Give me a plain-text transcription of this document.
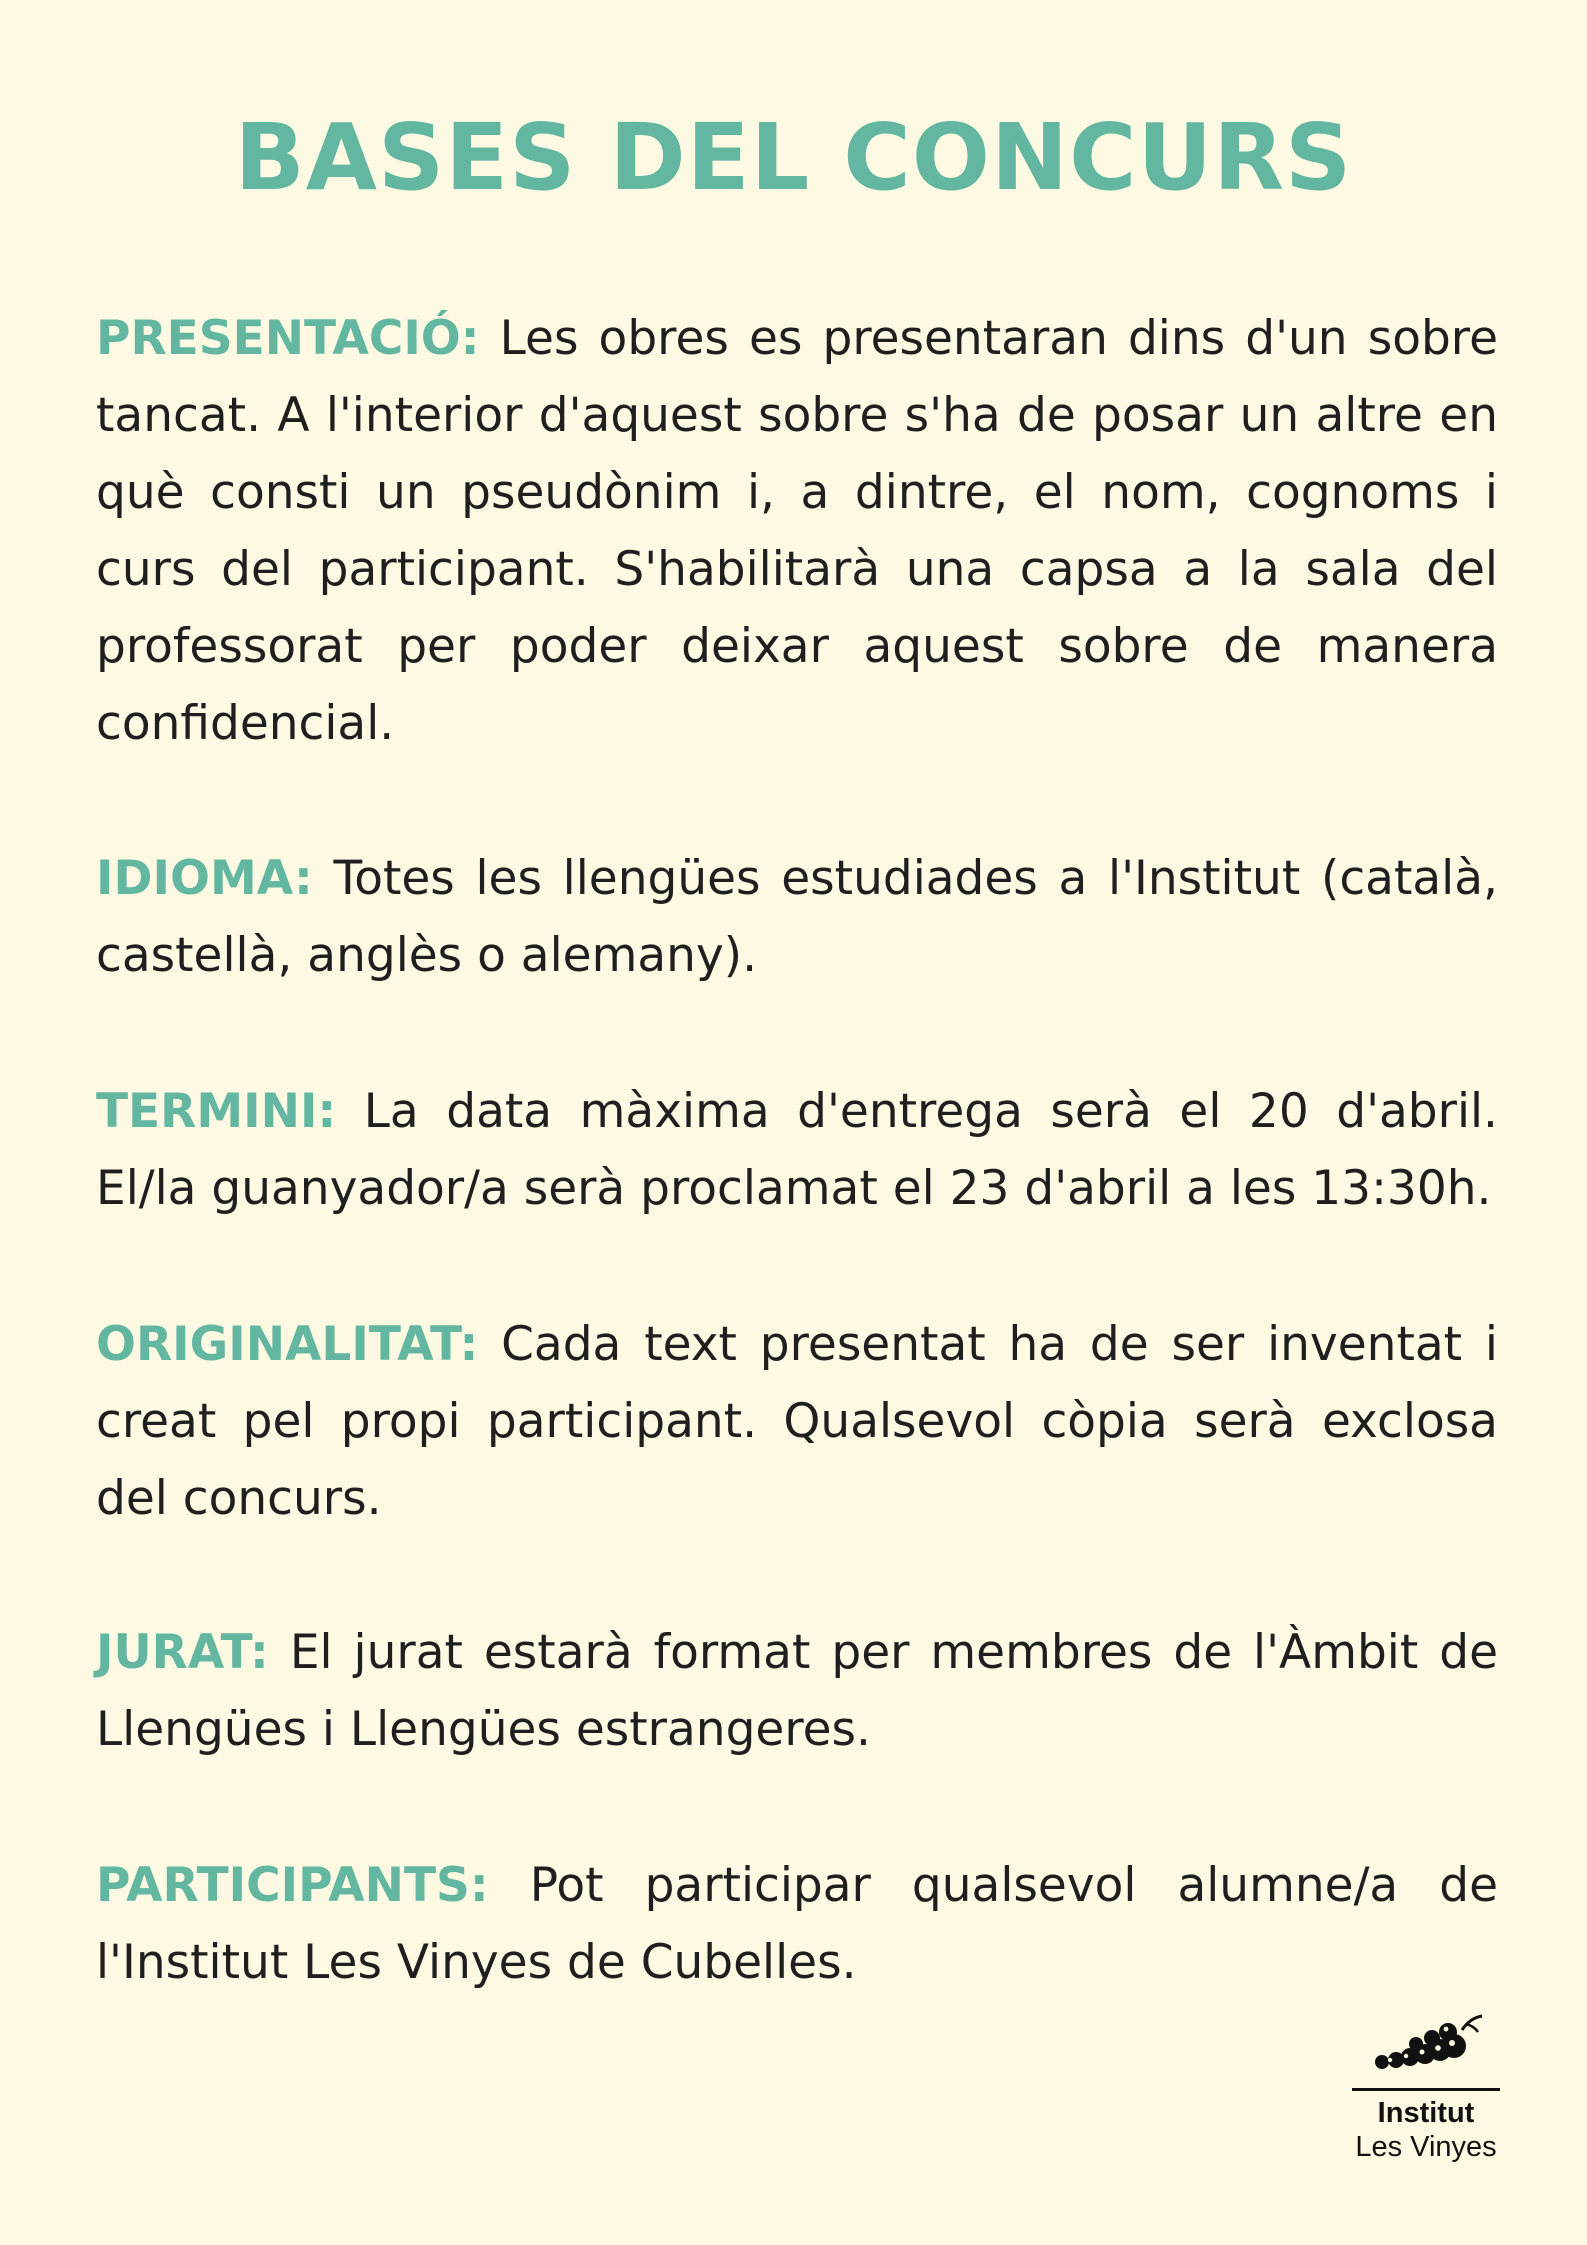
BASES DEL CONCURS

PRESENTACIÓ: Les obres es presentaran dins d'un sobre tancat. A l'interior d'aquest sobre s'ha de posar un altre en què consti un pseudònim i, a dintre, el nom, cognoms i curs del participant. S'habilitarà una capsa a la sala del professorat per poder deixar aquest sobre de manera confidencial.

IDIOMA: Totes les llengües estudiades a l'Institut (català, castellà, anglès o alemany).

TERMINI: La data màxima d'entrega serà el 20 d'abril. El/la guanyador/a serà proclamat el 23 d'abril a les 13:30h.

ORIGINALITAT: Cada text presentat ha de ser inventat i creat pel propi participant. Qualsevol còpia serà exclosa del concurs.

JURAT: El jurat estarà format per membres de l'Àmbit de Llengües i Llengües estrangeres.

PARTICIPANTS: Pot participar qualsevol alumne/a de l'Institut Les Vinyes de Cubelles.

Institut
Les Vinyes
